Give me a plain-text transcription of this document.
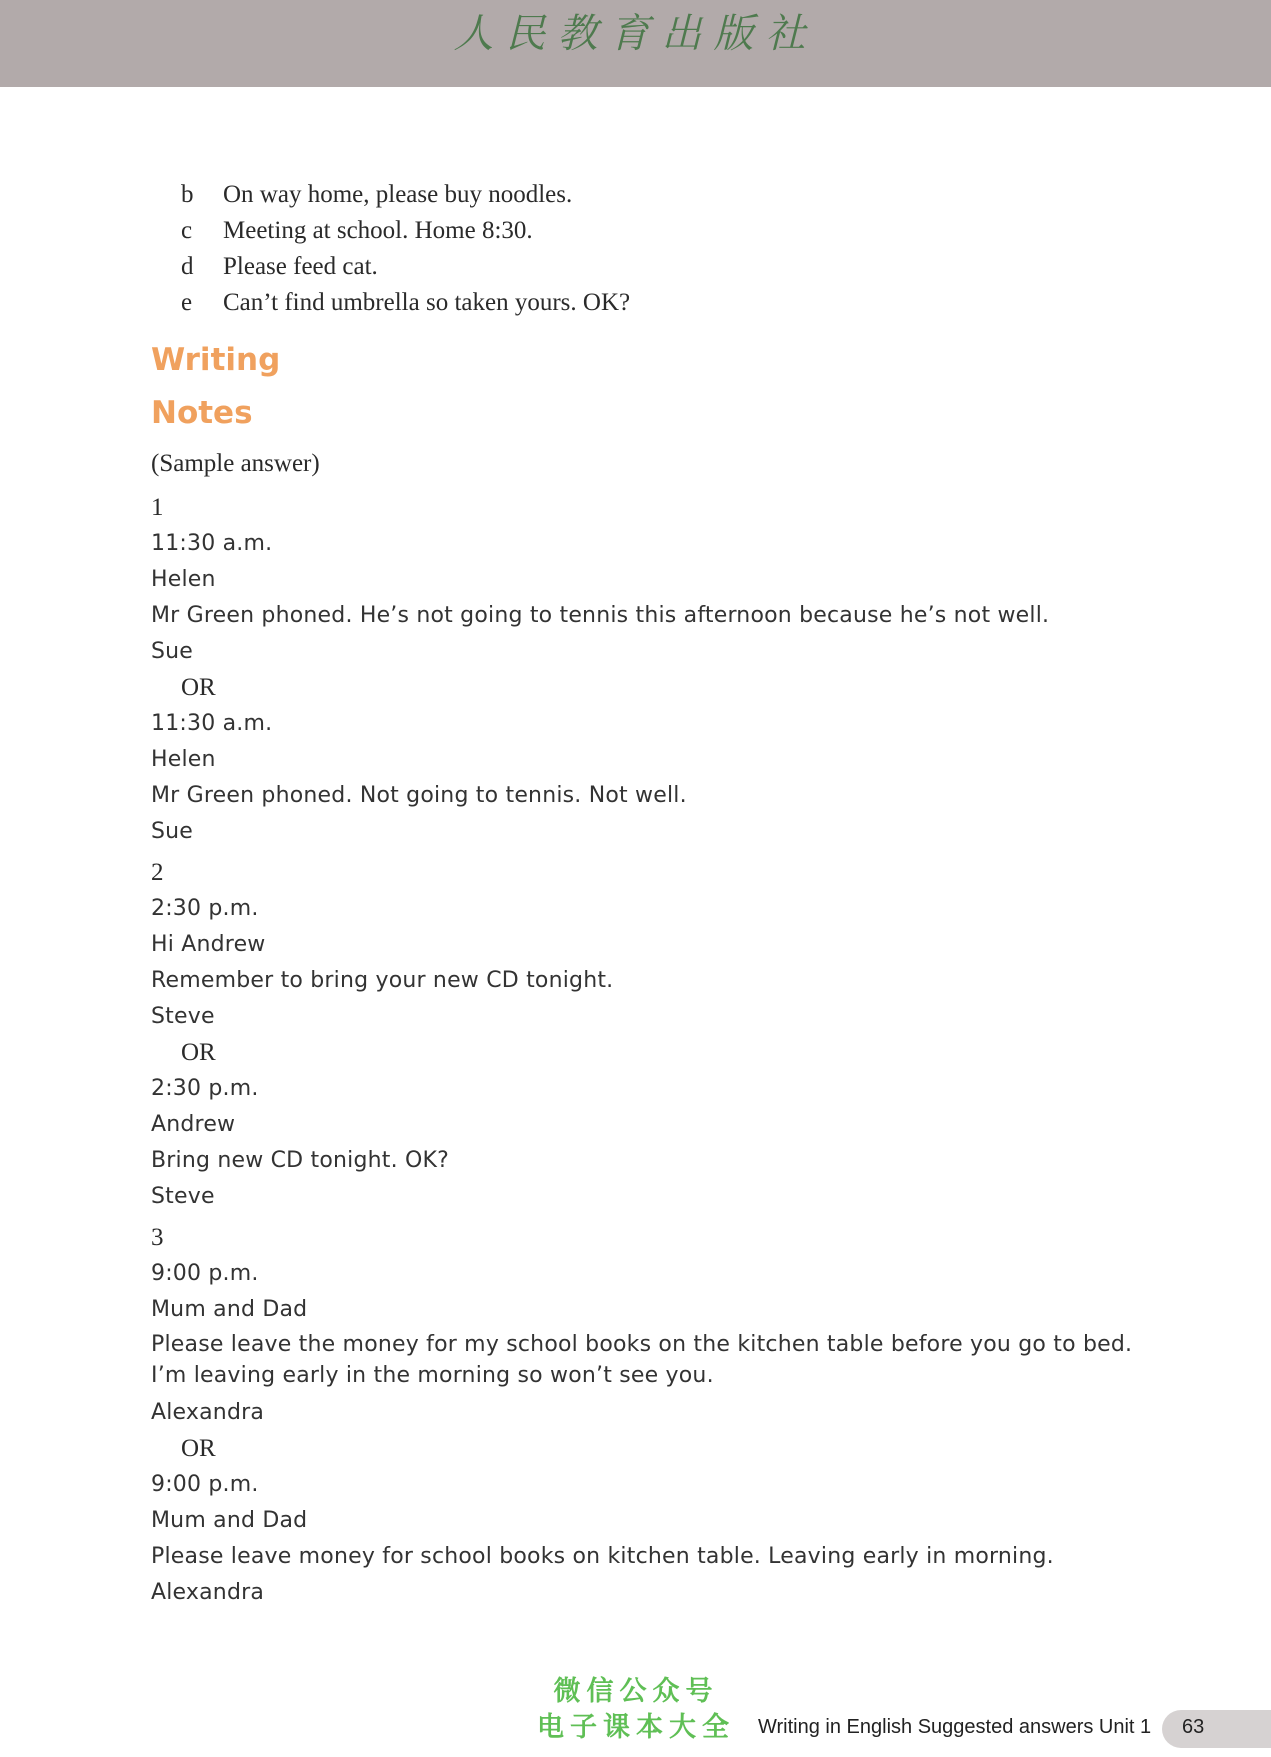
人民教育出版社
b On way home, please buy noodles.
c Meeting at school. Home 8:30.
d Please feed cat.
e Can’t find umbrella so taken yours. OK?
Writing
Notes
(Sample answer)
1
11:30 a.m.
Helen
Mr Green phoned. He’s not going to tennis this afternoon because he’s not well.
Sue
OR
11:30 a.m.
Helen
Mr Green phoned. Not going to tennis. Not well.
Sue
2
2:30 p.m.
Hi Andrew
Remember to bring your new CD tonight.
Steve
OR
2:30 p.m.
Andrew
Bring new CD tonight. OK?
Steve
3
9:00 p.m.
Mum and Dad
Please leave the money for my school books on the kitchen table before you go to bed. I’m leaving early in the morning so won’t see you.
Alexandra
OR
9:00 p.m.
Mum and Dad
Please leave money for school books on kitchen table. Leaving early in morning.
Alexandra
微信公众号
电子课本大全	Writing in English Suggested answers Unit 1 63
